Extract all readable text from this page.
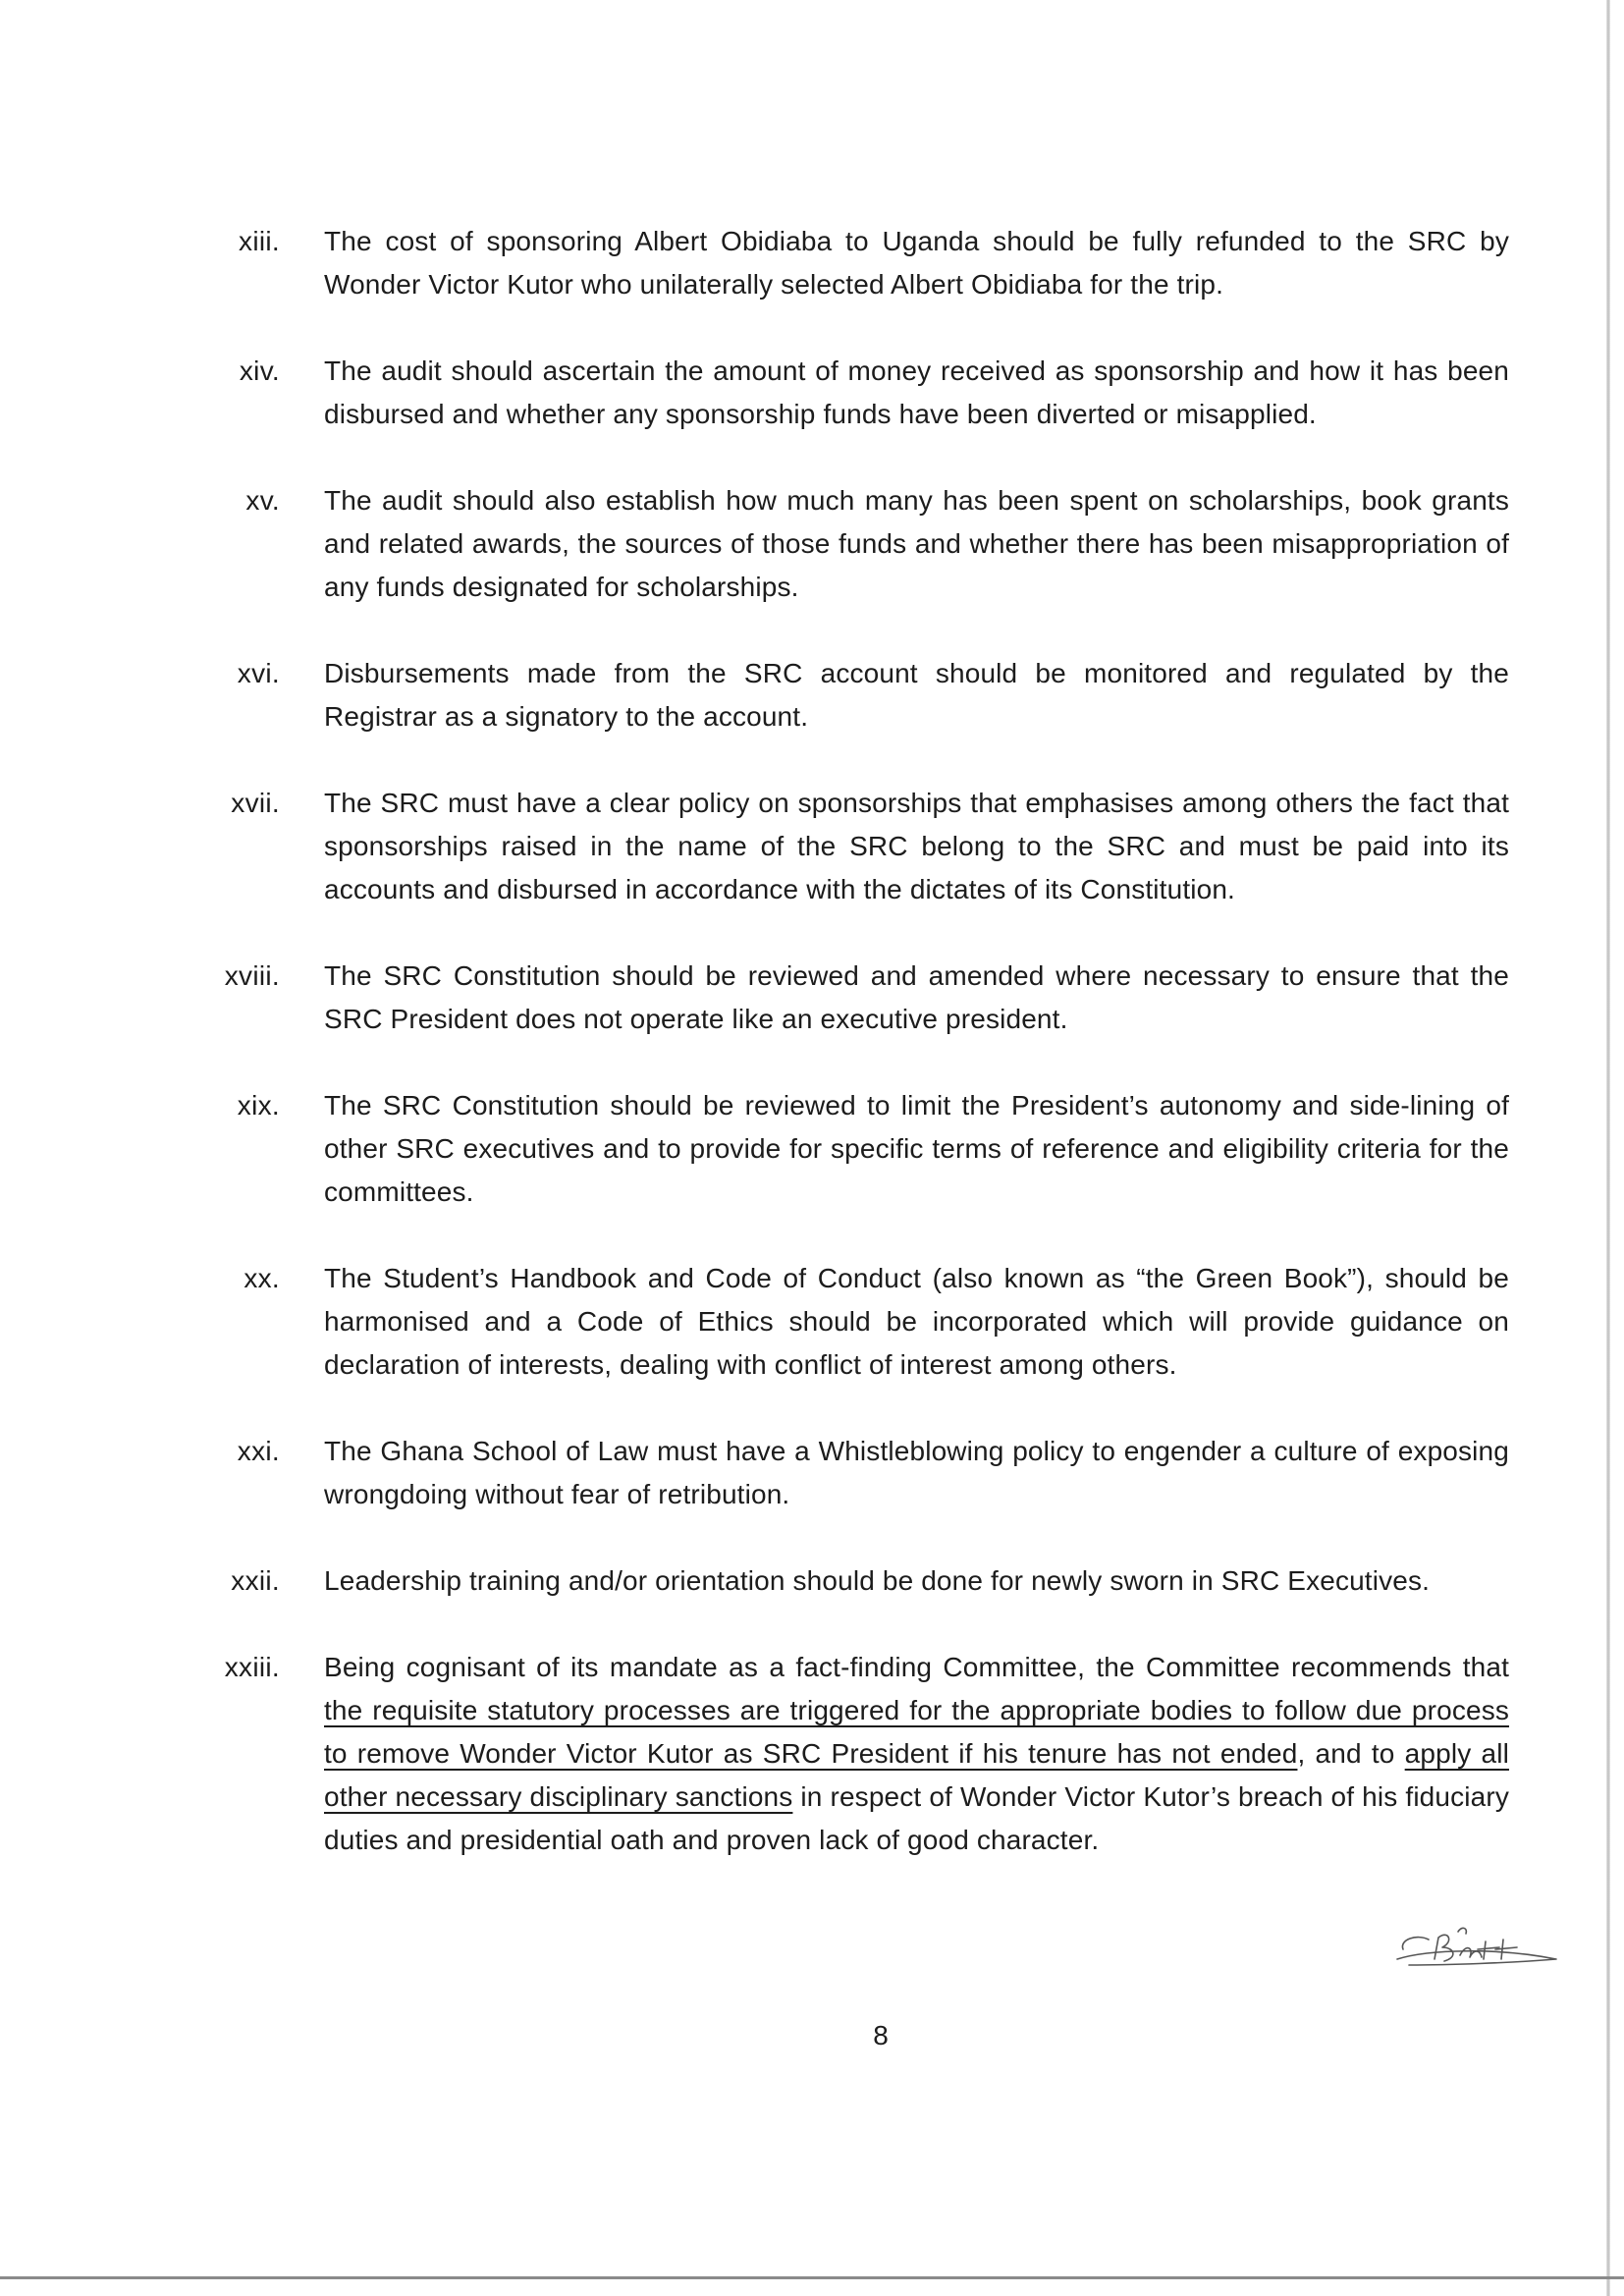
xiii. The cost of sponsoring Albert Obidiaba to Uganda should be fully refunded to the SRC by Wonder Victor Kutor who unilaterally selected Albert Obidiaba for the trip.
xiv. The audit should ascertain the amount of money received as sponsorship and how it has been disbursed and whether any sponsorship funds have been diverted or misapplied.
xv. The audit should also establish how much many has been spent on scholarships, book grants and related awards, the sources of those funds and whether there has been misappropriation of any funds designated for scholarships.
xvi. Disbursements made from the SRC account should be monitored and regulated by the Registrar as a signatory to the account.
xvii. The SRC must have a clear policy on sponsorships that emphasises among others the fact that sponsorships raised in the name of the SRC belong to the SRC and must be paid into its accounts and disbursed in accordance with the dictates of its Constitution.
xviii. The SRC Constitution should be reviewed and amended where necessary to ensure that the SRC President does not operate like an executive president.
xix. The SRC Constitution should be reviewed to limit the President’s autonomy and side-lining of other SRC executives and to provide for specific terms of reference and eligibility criteria for the committees.
xx. The Student’s Handbook and Code of Conduct (also known as “the Green Book”), should be harmonised and a Code of Ethics should be incorporated which will provide guidance on declaration of interests, dealing with conflict of interest among others.
xxi. The Ghana School of Law must have a Whistleblowing policy to engender a culture of exposing wrongdoing without fear of retribution.
xxii. Leadership training and/or orientation should be done for newly sworn in SRC Executives.
xxiii. Being cognisant of its mandate as a fact-finding Committee, the Committee recommends that the requisite statutory processes are triggered for the appropriate bodies to follow due process to remove Wonder Victor Kutor as SRC President if his tenure has not ended, and to apply all other necessary disciplinary sanctions in respect of Wonder Victor Kutor’s breach of his fiduciary duties and presidential oath and proven lack of good character.
8
